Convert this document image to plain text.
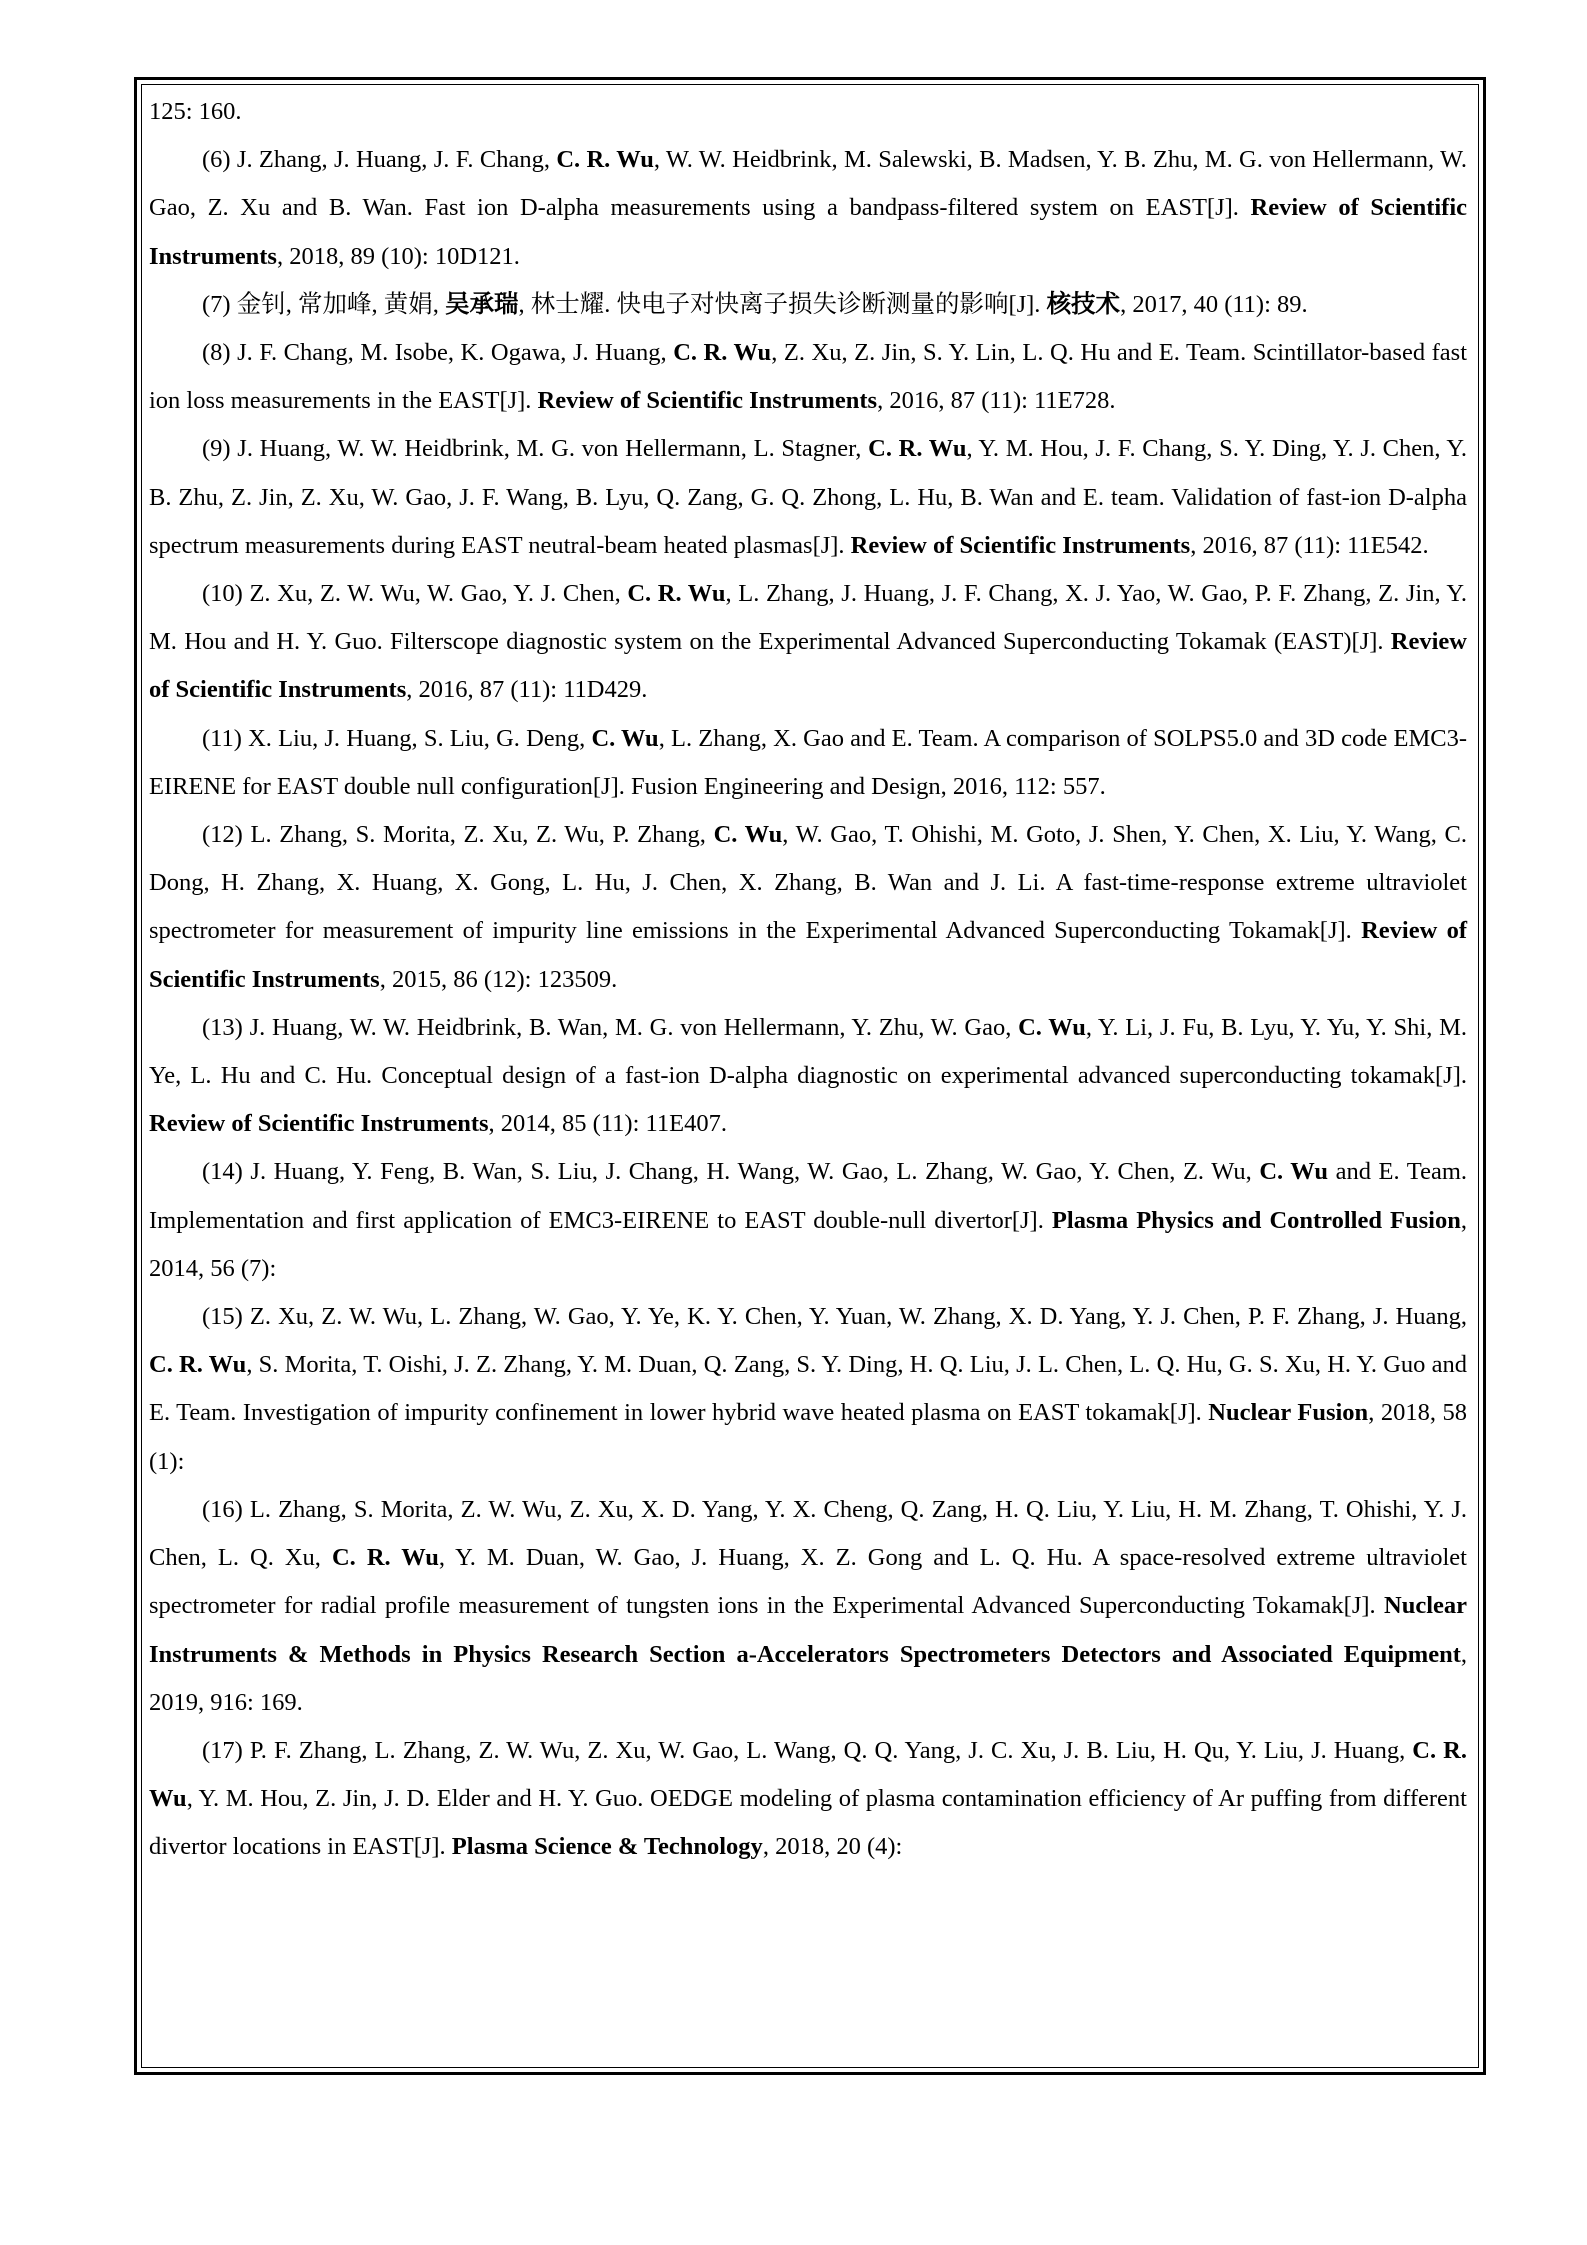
125: 160.

(6) J. Zhang, J. Huang, J. F. Chang, C. R. Wu, W. W. Heidbrink, M. Salewski, B. Madsen, Y. B. Zhu, M. G. von Hellermann, W. Gao, Z. Xu and B. Wan. Fast ion D-alpha measurements using a bandpass-filtered system on EAST[J]. Review of Scientific Instruments, 2018, 89 (10): 10D121.

(7) 金钊, 常加峰, 黄娟, 吴承瑞, 林士耀. 快电子对快离子损失诊断测量的影响[J]. 核技术, 2017, 40 (11): 89.

(8) J. F. Chang, M. Isobe, K. Ogawa, J. Huang, C. R. Wu, Z. Xu, Z. Jin, S. Y. Lin, L. Q. Hu and E. Team. Scintillator-based fast ion loss measurements in the EAST[J]. Review of Scientific Instruments, 2016, 87 (11): 11E728.

(9) J. Huang, W. W. Heidbrink, M. G. von Hellermann, L. Stagner, C. R. Wu, Y. M. Hou, J. F. Chang, S. Y. Ding, Y. J. Chen, Y. B. Zhu, Z. Jin, Z. Xu, W. Gao, J. F. Wang, B. Lyu, Q. Zang, G. Q. Zhong, L. Hu, B. Wan and E. team. Validation of fast-ion D-alpha spectrum measurements during EAST neutral-beam heated plasmas[J]. Review of Scientific Instruments, 2016, 87 (11): 11E542.

(10) Z. Xu, Z. W. Wu, W. Gao, Y. J. Chen, C. R. Wu, L. Zhang, J. Huang, J. F. Chang, X. J. Yao, W. Gao, P. F. Zhang, Z. Jin, Y. M. Hou and H. Y. Guo. Filterscope diagnostic system on the Experimental Advanced Superconducting Tokamak (EAST)[J]. Review of Scientific Instruments, 2016, 87 (11): 11D429.

(11) X. Liu, J. Huang, S. Liu, G. Deng, C. Wu, L. Zhang, X. Gao and E. Team. A comparison of SOLPS5.0 and 3D code EMC3-EIRENE for EAST double null configuration[J]. Fusion Engineering and Design, 2016, 112: 557.

(12) L. Zhang, S. Morita, Z. Xu, Z. Wu, P. Zhang, C. Wu, W. Gao, T. Ohishi, M. Goto, J. Shen, Y. Chen, X. Liu, Y. Wang, C. Dong, H. Zhang, X. Huang, X. Gong, L. Hu, J. Chen, X. Zhang, B. Wan and J. Li. A fast-time-response extreme ultraviolet spectrometer for measurement of impurity line emissions in the Experimental Advanced Superconducting Tokamak[J]. Review of Scientific Instruments, 2015, 86 (12): 123509.

(13) J. Huang, W. W. Heidbrink, B. Wan, M. G. von Hellermann, Y. Zhu, W. Gao, C. Wu, Y. Li, J. Fu, B. Lyu, Y. Yu, Y. Shi, M. Ye, L. Hu and C. Hu. Conceptual design of a fast-ion D-alpha diagnostic on experimental advanced superconducting tokamak[J]. Review of Scientific Instruments, 2014, 85 (11): 11E407.

(14) J. Huang, Y. Feng, B. Wan, S. Liu, J. Chang, H. Wang, W. Gao, L. Zhang, W. Gao, Y. Chen, Z. Wu, C. Wu and E. Team. Implementation and first application of EMC3-EIRENE to EAST double-null divertor[J]. Plasma Physics and Controlled Fusion, 2014, 56 (7):

(15) Z. Xu, Z. W. Wu, L. Zhang, W. Gao, Y. Ye, K. Y. Chen, Y. Yuan, W. Zhang, X. D. Yang, Y. J. Chen, P. F. Zhang, J. Huang, C. R. Wu, S. Morita, T. Oishi, J. Z. Zhang, Y. M. Duan, Q. Zang, S. Y. Ding, H. Q. Liu, J. L. Chen, L. Q. Hu, G. S. Xu, H. Y. Guo and E. Team. Investigation of impurity confinement in lower hybrid wave heated plasma on EAST tokamak[J]. Nuclear Fusion, 2018, 58 (1):

(16) L. Zhang, S. Morita, Z. W. Wu, Z. Xu, X. D. Yang, Y. X. Cheng, Q. Zang, H. Q. Liu, Y. Liu, H. M. Zhang, T. Ohishi, Y. J. Chen, L. Q. Xu, C. R. Wu, Y. M. Duan, W. Gao, J. Huang, X. Z. Gong and L. Q. Hu. A space-resolved extreme ultraviolet spectrometer for radial profile measurement of tungsten ions in the Experimental Advanced Superconducting Tokamak[J]. Nuclear Instruments & Methods in Physics Research Section a-Accelerators Spectrometers Detectors and Associated Equipment, 2019, 916: 169.

(17) P. F. Zhang, L. Zhang, Z. W. Wu, Z. Xu, W. Gao, L. Wang, Q. Q. Yang, J. C. Xu, J. B. Liu, H. Qu, Y. Liu, J. Huang, C. R. Wu, Y. M. Hou, Z. Jin, J. D. Elder and H. Y. Guo. OEDGE modeling of plasma contamination efficiency of Ar puffing from different divertor locations in EAST[J]. Plasma Science & Technology, 2018, 20 (4):
